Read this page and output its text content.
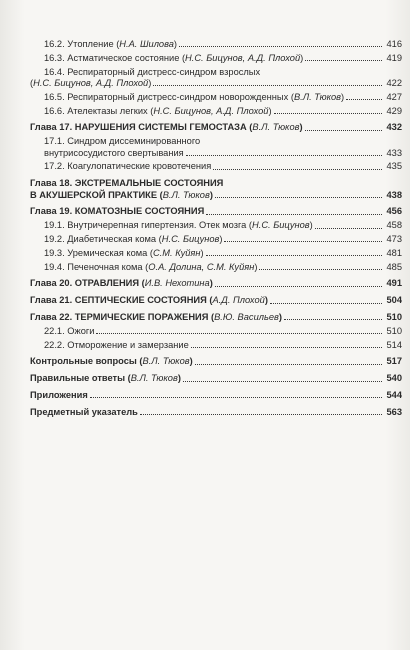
16.2. Утопление (Н.А. Шилова)	416
16.3. Астматическое состояние (Н.С. Бицунов, А.Д. Плохой)	419
16.4. Респираторный дистресс-синдром взрослых
(Н.С. Бицунов, А.Д. Плохой)	422
16.5. Респираторный дистресс-синдром новорожденных (В.Л. Тюков)	427
16.6. Ателектазы легких (Н.С. Бицунов, А.Д. Плохой)	429
Глава 17. НАРУШЕНИЯ СИСТЕМЫ ГЕМОСТАЗА (В.Л. Тюков)	432
17.1. Синдром диссеминированного
внутрисосудистого свертывания	433
17.2. Коагулопатические кровотечения	435
Глава 18. ЭКСТРЕМАЛЬНЫЕ СОСТОЯНИЯ
В АКУШЕРСКОЙ ПРАКТИКЕ (В.Л. Тюков)	438
Глава 19. КОМАТОЗНЫЕ СОСТОЯНИЯ	456
19.1. Внутричерепная гипертензия. Отек мозга (Н.С. Бицунов)	458
19.2. Диабетическая кома (Н.С. Бицунов)	473
19.3. Уремическая кома (С.М. Куйян)	481
19.4. Печеночная кома (О.А. Долина, С.М. Куйян)	485
Глава 20. ОТРАВЛЕНИЯ (И.В. Нехотина)	491
Глава 21. СЕПТИЧЕСКИЕ СОСТОЯНИЯ (А.Д. Плохой)	504
Глава 22. ТЕРМИЧЕСКИЕ ПОРАЖЕНИЯ (В.Ю. Васильев)	510
22.1. Ожоги	510
22.2. Отморожение и замерзание	514
Контрольные вопросы (В.Л. Тюков)	517
Правильные ответы (В.Л. Тюков)	540
Приложения	544
Предметный указатель	563
